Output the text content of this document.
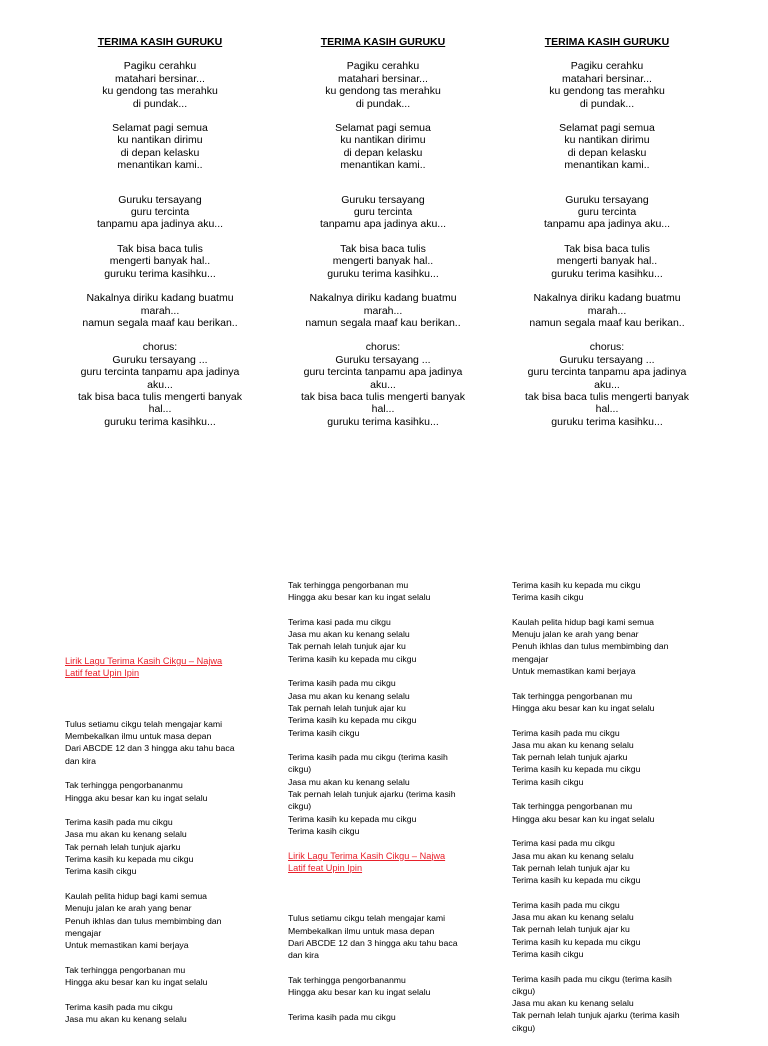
TERIMA KASIH GURUKU
Pagiku cerahku
matahari bersinar...
ku gendong tas merahku
di pundak...
Selamat pagi semua
ku nantikan dirimu
di depan kelasku
menantikan kami..
Guruku tersayang
guru tercinta
tanpamu apa jadinya aku...
Tak bisa baca tulis
mengerti banyak hal..
guruku terima kasihku...
Nakalnya diriku kadang buatmu
marah...
namun segala maaf kau berikan..
chorus:
Guruku tersayang ...
guru tercinta tanpamu apa jadinya
aku...
tak bisa baca tulis mengerti banyak
hal...
guruku terima kasihku...
TERIMA KASIH GURUKU
Pagiku cerahku
matahari bersinar...
ku gendong tas merahku
di pundak...
Selamat pagi semua
ku nantikan dirimu
di depan kelasku
menantikan kami..
Guruku tersayang
guru tercinta
tanpamu apa jadinya aku...
Tak bisa baca tulis
mengerti banyak hal..
guruku terima kasihku...
Nakalnya diriku kadang buatmu
marah...
namun segala maaf kau berikan..
chorus:
Guruku tersayang ...
guru tercinta tanpamu apa jadinya
aku...
tak bisa baca tulis mengerti banyak
hal...
guruku terima kasihku...
TERIMA KASIH GURUKU
Pagiku cerahku
matahari bersinar...
ku gendong tas merahku
di pundak...
Selamat pagi semua
ku nantikan dirimu
di depan kelasku
menantikan kami..
Guruku tersayang
guru tercinta
tanpamu apa jadinya aku...
Tak bisa baca tulis
mengerti banyak hal..
guruku terima kasihku...
Nakalnya diriku kadang buatmu
marah...
namun segala maaf kau berikan..
chorus:
Guruku tersayang ...
guru tercinta tanpamu apa jadinya
aku...
tak bisa baca tulis mengerti banyak
hal...
guruku terima kasihku...
Lirik Lagu Terima Kasih Cikgu – Najwa
Latif feat Upin Ipin
Tulus setiamu cikgu telah mengajar kami
Membekalkan ilmu untuk masa depan
Dari ABCDE 12 dan 3 hingga aku tahu baca
dan kira
Tak terhingga pengorbananmu
Hingga aku besar kan ku ingat selalu
Terima kasih pada mu cikgu
Jasa mu akan ku kenang selalu
Tak pernah lelah tunjuk ajarku
Terima kasih ku kepada mu cikgu
Terima kasih cikgu
Kaulah pelita hidup bagi kami semua
Menuju jalan ke arah yang benar
Penuh ikhlas dan tulus membimbing dan
mengajar
Untuk memastikan kami berjaya
Tak terhingga pengorbanan mu
Hingga aku besar kan ku ingat selalu
Terima kasih pada mu cikgu
Jasa mu akan ku kenang selalu
Tak terhingga pengorbanan mu
Hingga aku besar kan ku ingat selalu
Terima kasi pada mu cikgu
Jasa mu akan ku kenang selalu
Tak pernah lelah tunjuk ajar ku
Terima kasih ku kepada mu cikgu
Terima kasih pada mu cikgu
Jasa mu akan ku kenang selalu
Tak pernah lelah tunjuk ajar ku
Terima kasih ku kepada mu cikgu
Terima kasih cikgu
Terima kasih pada mu cikgu (terima kasih
cikgu)
Jasa mu akan ku kenang selalu
Tak pernah lelah tunjuk ajarku (terima kasih
cikgu)
Terima kasih ku kepada mu cikgu
Terima kasih cikgu
Lirik Lagu Terima Kasih Cikgu – Najwa
Latif feat Upin Ipin
Tulus setiamu cikgu telah mengajar kami
Membekalkan ilmu untuk masa depan
Dari ABCDE 12 dan 3 hingga aku tahu baca
dan kira
Tak terhingga pengorbananmu
Hingga aku besar kan ku ingat selalu
Terima kasih pada mu cikgu
Terima kasih ku kepada mu cikgu
Terima kasih cikgu
Kaulah pelita hidup bagi kami semua
Menuju jalan ke arah yang benar
Penuh ikhlas dan tulus membimbing dan
mengajar
Untuk memastikan kami berjaya
Tak terhingga pengorbanan mu
Hingga aku besar kan ku ingat selalu
Terima kasih pada mu cikgu
Jasa mu akan ku kenang selalu
Tak pernah lelah tunjuk ajarku
Terima kasih ku kepada mu cikgu
Terima kasih cikgu
Tak terhingga pengorbanan mu
Hingga aku besar kan ku ingat selalu
Terima kasi pada mu cikgu
Jasa mu akan ku kenang selalu
Tak pernah lelah tunjuk ajar ku
Terima kasih ku kepada mu cikgu
Terima kasih pada mu cikgu
Jasa mu akan ku kenang selalu
Tak pernah lelah tunjuk ajar ku
Terima kasih ku kepada mu cikgu
Terima kasih cikgu
Terima kasih pada mu cikgu (terima kasih
cikgu)
Jasa mu akan ku kenang selalu
Tak pernah lelah tunjuk ajarku (terima kasih
cikgu)
